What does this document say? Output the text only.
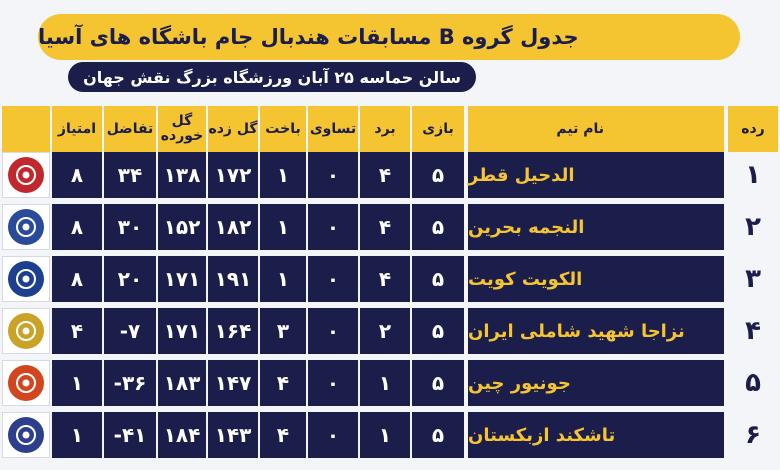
جدول گروه B مسابقات هندبال جام باشگاه های آسیا
سالن حماسه ۲۵ آبان ورزشگاه بزرگ نقش جهان
رده
نام تیم
بازی
برد
تساوی
باخت
گل زده
گل خورده
تفاضل
امتیاز
۱
الدحیل قطر
۵
۴
۰
۱
۱۷۲
۱۳۸
۳۴
۸
۲
النجمه بحرین
۵
۴
۰
۱
۱۸۲
۱۵۲
۳۰
۸
۳
الکویت کویت
۵
۴
۰
۱
۱۹۱
۱۷۱
۲۰
۸
۴
نزاجا شهید شاملی ایران
۵
۲
۰
۳
۱۶۴
۱۷۱
-۷
۴
۵
جونیور چین
۵
۱
۰
۴
۱۴۷
۱۸۳
-۳۶
۱
۶
تاشکند ازبکستان
۵
۱
۰
۴
۱۴۳
۱۸۴
-۴۱
۱
